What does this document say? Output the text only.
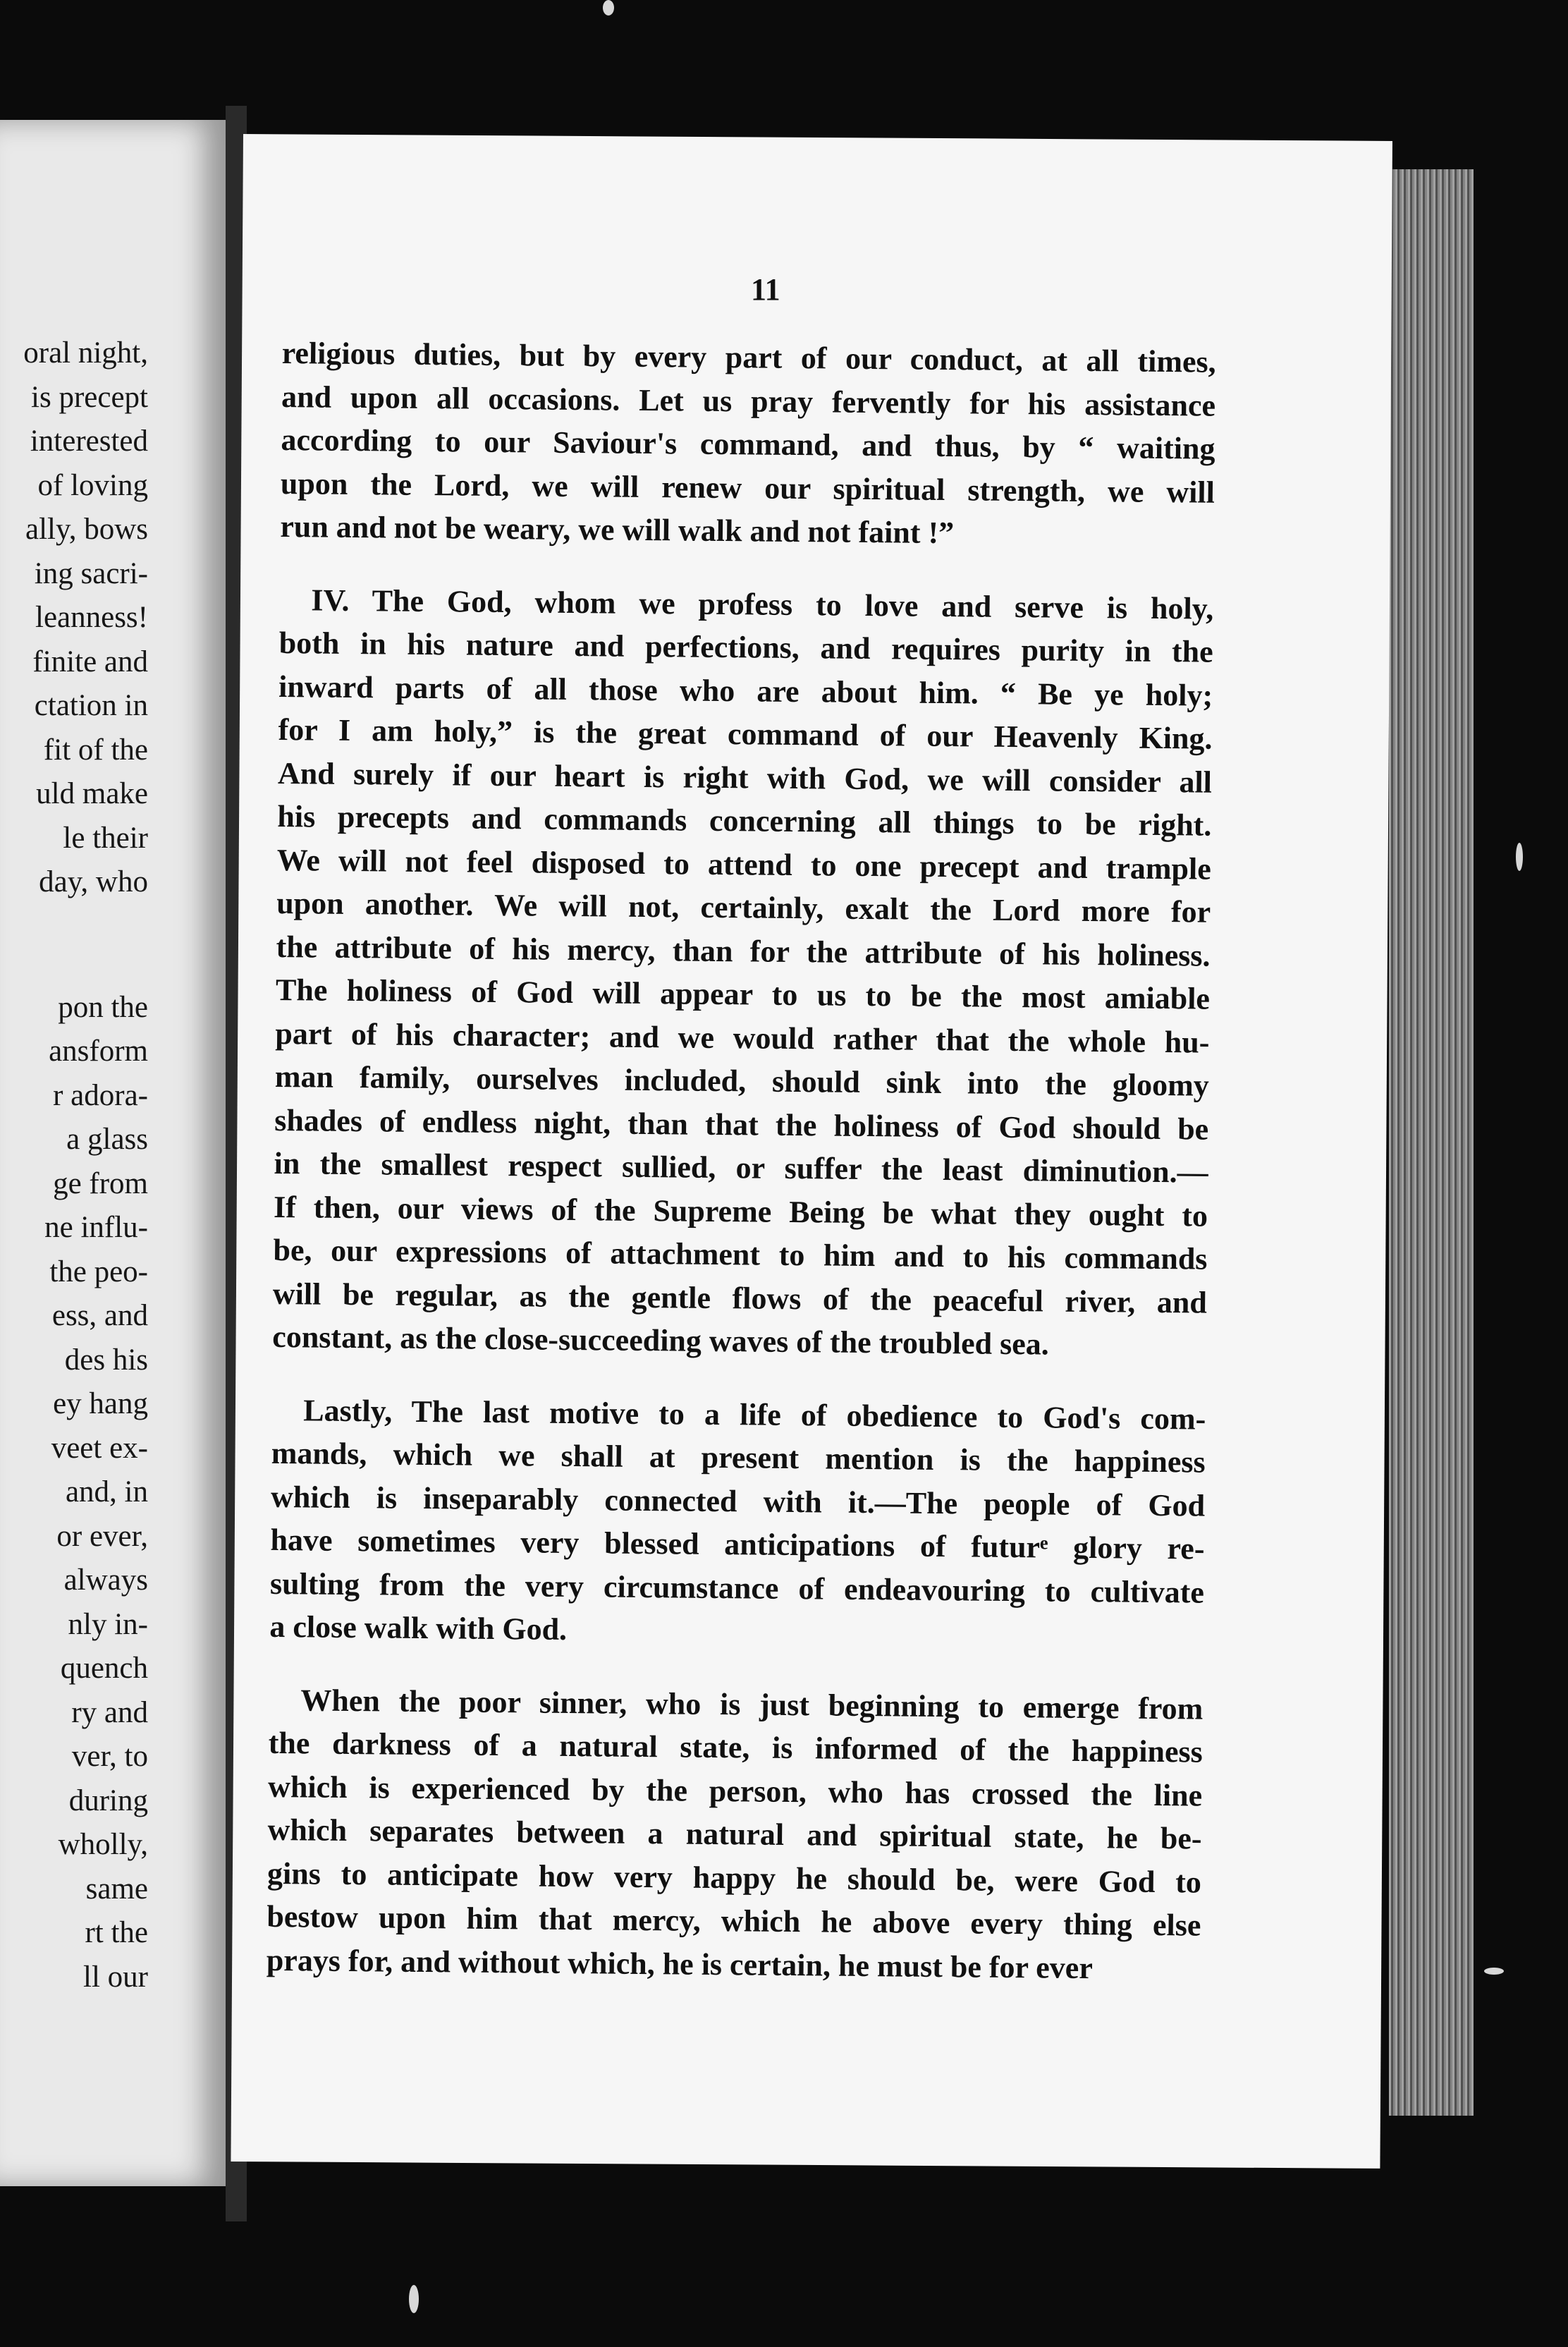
oral night,
is precept
interested
of loving
ally, bows
ing sacri-
leanness!
finite and
ctation in
fit of the
uld make
le their
day, who
pon the
ansform
r adora-
a glass
ge from
ne influ-
the peo-
ess, and
des his
ey hang
veet ex-
and, in
or ever,
always
nly in-
quench
ry and
ver, to
during
wholly,
same
rt the
ll our
11
religious duties, but by every part of our conduct, at all times,
and upon all occasions. Let us pray fervently for his assistance
according to our Saviour's command, and thus, by “ waiting
upon the Lord, we will renew our spiritual strength, we will
run and not be weary, we will walk and not faint !”
IV. The God, whom we profess to love and serve is holy,
both in his nature and perfections, and requires purity in the
inward parts of all those who are about him. “ Be ye holy;
for I am holy,” is the great command of our Heavenly King.
And surely if our heart is right with God, we will consider all
his precepts and commands concerning all things to be right.
We will not feel disposed to attend to one precept and trample
upon another. We will not, certainly, exalt the Lord more for
the attribute of his mercy, than for the attribute of his holiness.
The holiness of God will appear to us to be the most amiable
part of his character; and we would rather that the whole hu-
man family, ourselves included, should sink into the gloomy
shades of endless night, than that the holiness of God should be
in the smallest respect sullied, or suffer the least diminution.—
If then, our views of the Supreme Being be what they ought to
be, our expressions of attachment to him and to his commands
will be regular, as the gentle flows of the peaceful river, and
constant, as the close-succeeding waves of the troubled sea.
Lastly, The last motive to a life of obedience to God's com-
mands, which we shall at present mention is the happiness
which is inseparably connected with it.—The people of God
have sometimes very blessed anticipations of futurᵉ glory re-
sulting from the very circumstance of endeavouring to cultivate
a close walk with God.
When the poor sinner, who is just beginning to emerge from
the darkness of a natural state, is informed of the happiness
which is experienced by the person, who has crossed the line
which separates between a natural and spiritual state, he be-
gins to anticipate how very happy he should be, were God to
bestow upon him that mercy, which he above every thing else
prays for, and without which, he is certain, he must be for ever
